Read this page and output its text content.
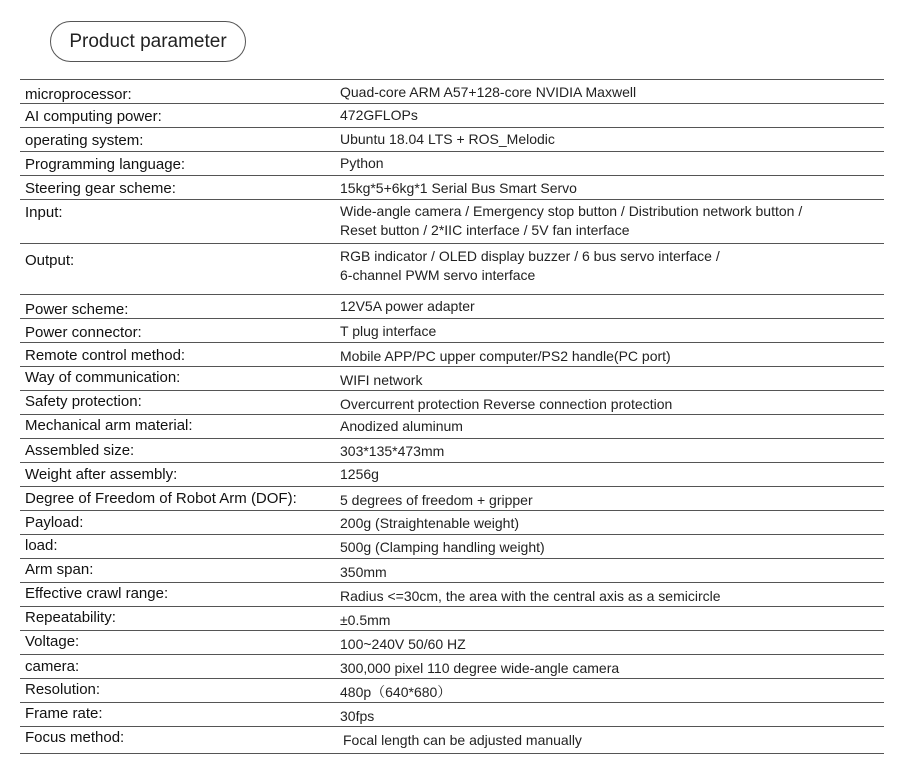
Product parameter
microprocessor:	Quad-core ARM A57+128-core NVIDIA Maxwell
AI computing power:	472GFLOPs
operating system:	Ubuntu 18.04 LTS + ROS_Melodic
Programming language:	Python
Steering gear scheme:	15kg*5+6kg*1 Serial Bus Smart Servo
Input:	Wide-angle camera / Emergency stop button / Distribution network button /
Reset button / 2*IIC interface / 5V fan interface
Output:	RGB indicator / OLED display buzzer / 6 bus servo interface /
6-channel PWM servo interface
Power scheme:	12V5A power adapter
Power connector:	T plug interface
Remote control method:	Mobile APP/PC upper computer/PS2 handle(PC port)
Way of communication:	WIFI network
Safety protection:	Overcurrent protection Reverse connection protection
Mechanical arm material:	Anodized aluminum
Assembled size:	303*135*473mm
Weight after assembly:	1256g
Degree of Freedom of Robot Arm (DOF):	5 degrees of freedom + gripper
Payload:	200g (Straightenable weight)
load:	500g (Clamping handling weight)
Arm span:	350mm
Effective crawl range:	Radius <=30cm, the area with the central axis as a semicircle
Repeatability:	±0.5mm
Voltage:	100~240V 50/60 HZ
camera:	300,000 pixel 110 degree wide-angle camera
Resolution:	480p（640*680）
Frame rate:	30fps
Focus method:	Focal length can be adjusted manually
